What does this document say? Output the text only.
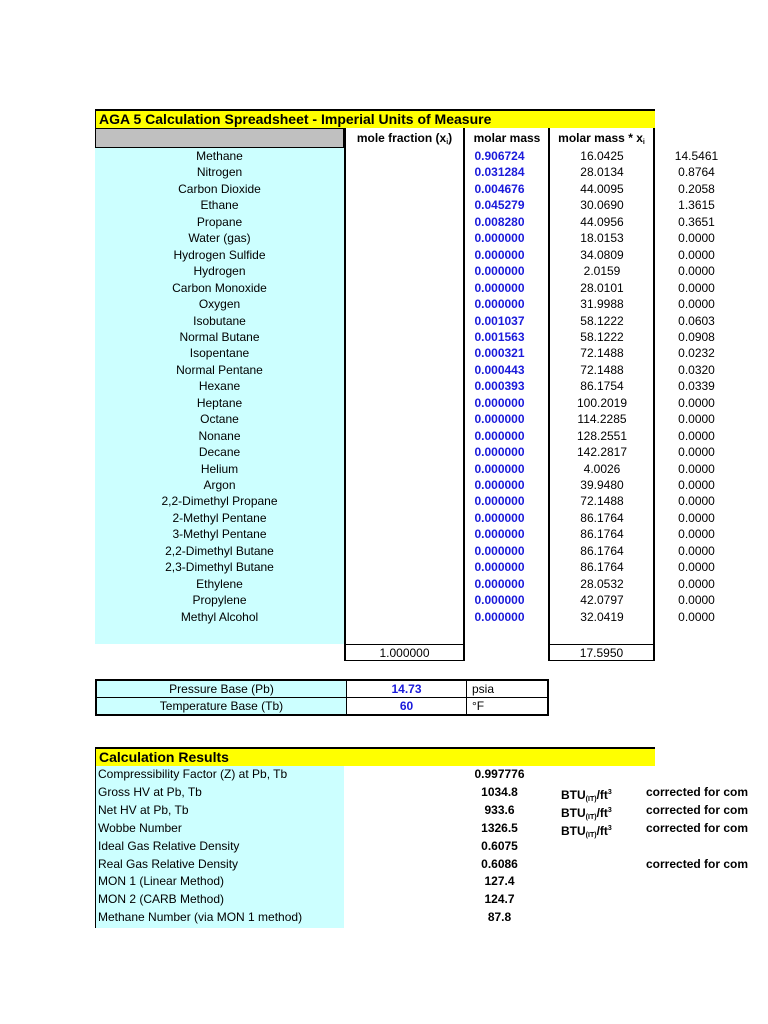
AGA 5 Calculation Spreadsheet - Imperial Units of Measure
mole fraction $(x_i)$	molar mass	molar mass * $x_i$
Methane	0.906724	16.0425	14.5461
Nitrogen	0.031284	28.0134	0.8764
Carbon Dioxide	0.004676	44.0095	0.2058
Ethane	0.045279	30.0690	1.3615
Propane	0.008280	44.0956	0.3651
Water (gas)	0.000000	18.0153	0.0000
Hydrogen Sulfide	0.000000	34.0809	0.0000
Hydrogen	0.000000	2.0159	0.0000
Carbon Monoxide	0.000000	28.0101	0.0000
Oxygen	0.000000	31.9988	0.0000
Isobutane	0.001037	58.1222	0.0603
Normal Butane	0.001563	58.1222	0.0908
Isopentane	0.000321	72.1488	0.0232
Normal Pentane	0.000443	72.1488	0.0320
Hexane	0.000393	86.1754	0.0339
Heptane	0.000000	100.2019	0.0000
Octane	0.000000	114.2285	0.0000
Nonane	0.000000	128.2551	0.0000
Decane	0.000000	142.2817	0.0000
Helium	0.000000	4.0026	0.0000
Argon	0.000000	39.9480	0.0000
2,2-Dimethyl Propane	0.000000	72.1488	0.0000
2-Methyl Pentane	0.000000	86.1764	0.0000
3-Methyl Pentane	0.000000	86.1764	0.0000
2,2-Dimethyl Butane	0.000000	86.1764	0.0000
2,3-Dimethyl Butane	0.000000	86.1764	0.0000
Ethylene	0.000000	28.0532	0.0000
Propylene	0.000000	42.0797	0.0000
Methyl Alcohol	0.000000	32.0419	0.0000
1.000000	17.5950
Pressure Base (Pb)	14.73	psia
Temperature Base (Tb)	60	°F
Calculation Results
Compressibility Factor (Z) at Pb, Tb	0.997776
Gross HV at Pb, Tb	1034.8	$BTU_{(IT)}/ft^3$	corrected for com
Net HV at Pb, Tb	933.6	$BTU_{(IT)}/ft^3$	corrected for com
Wobbe Number	1326.5	$BTU_{(IT)}/ft^3$	corrected for com
Ideal Gas Relative Density	0.6075
Real Gas Relative Density	0.6086	corrected for com
MON 1 (Linear Method)	127.4
MON 2 (CARB Method)	124.7
Methane Number (via MON 1 method)	87.8
